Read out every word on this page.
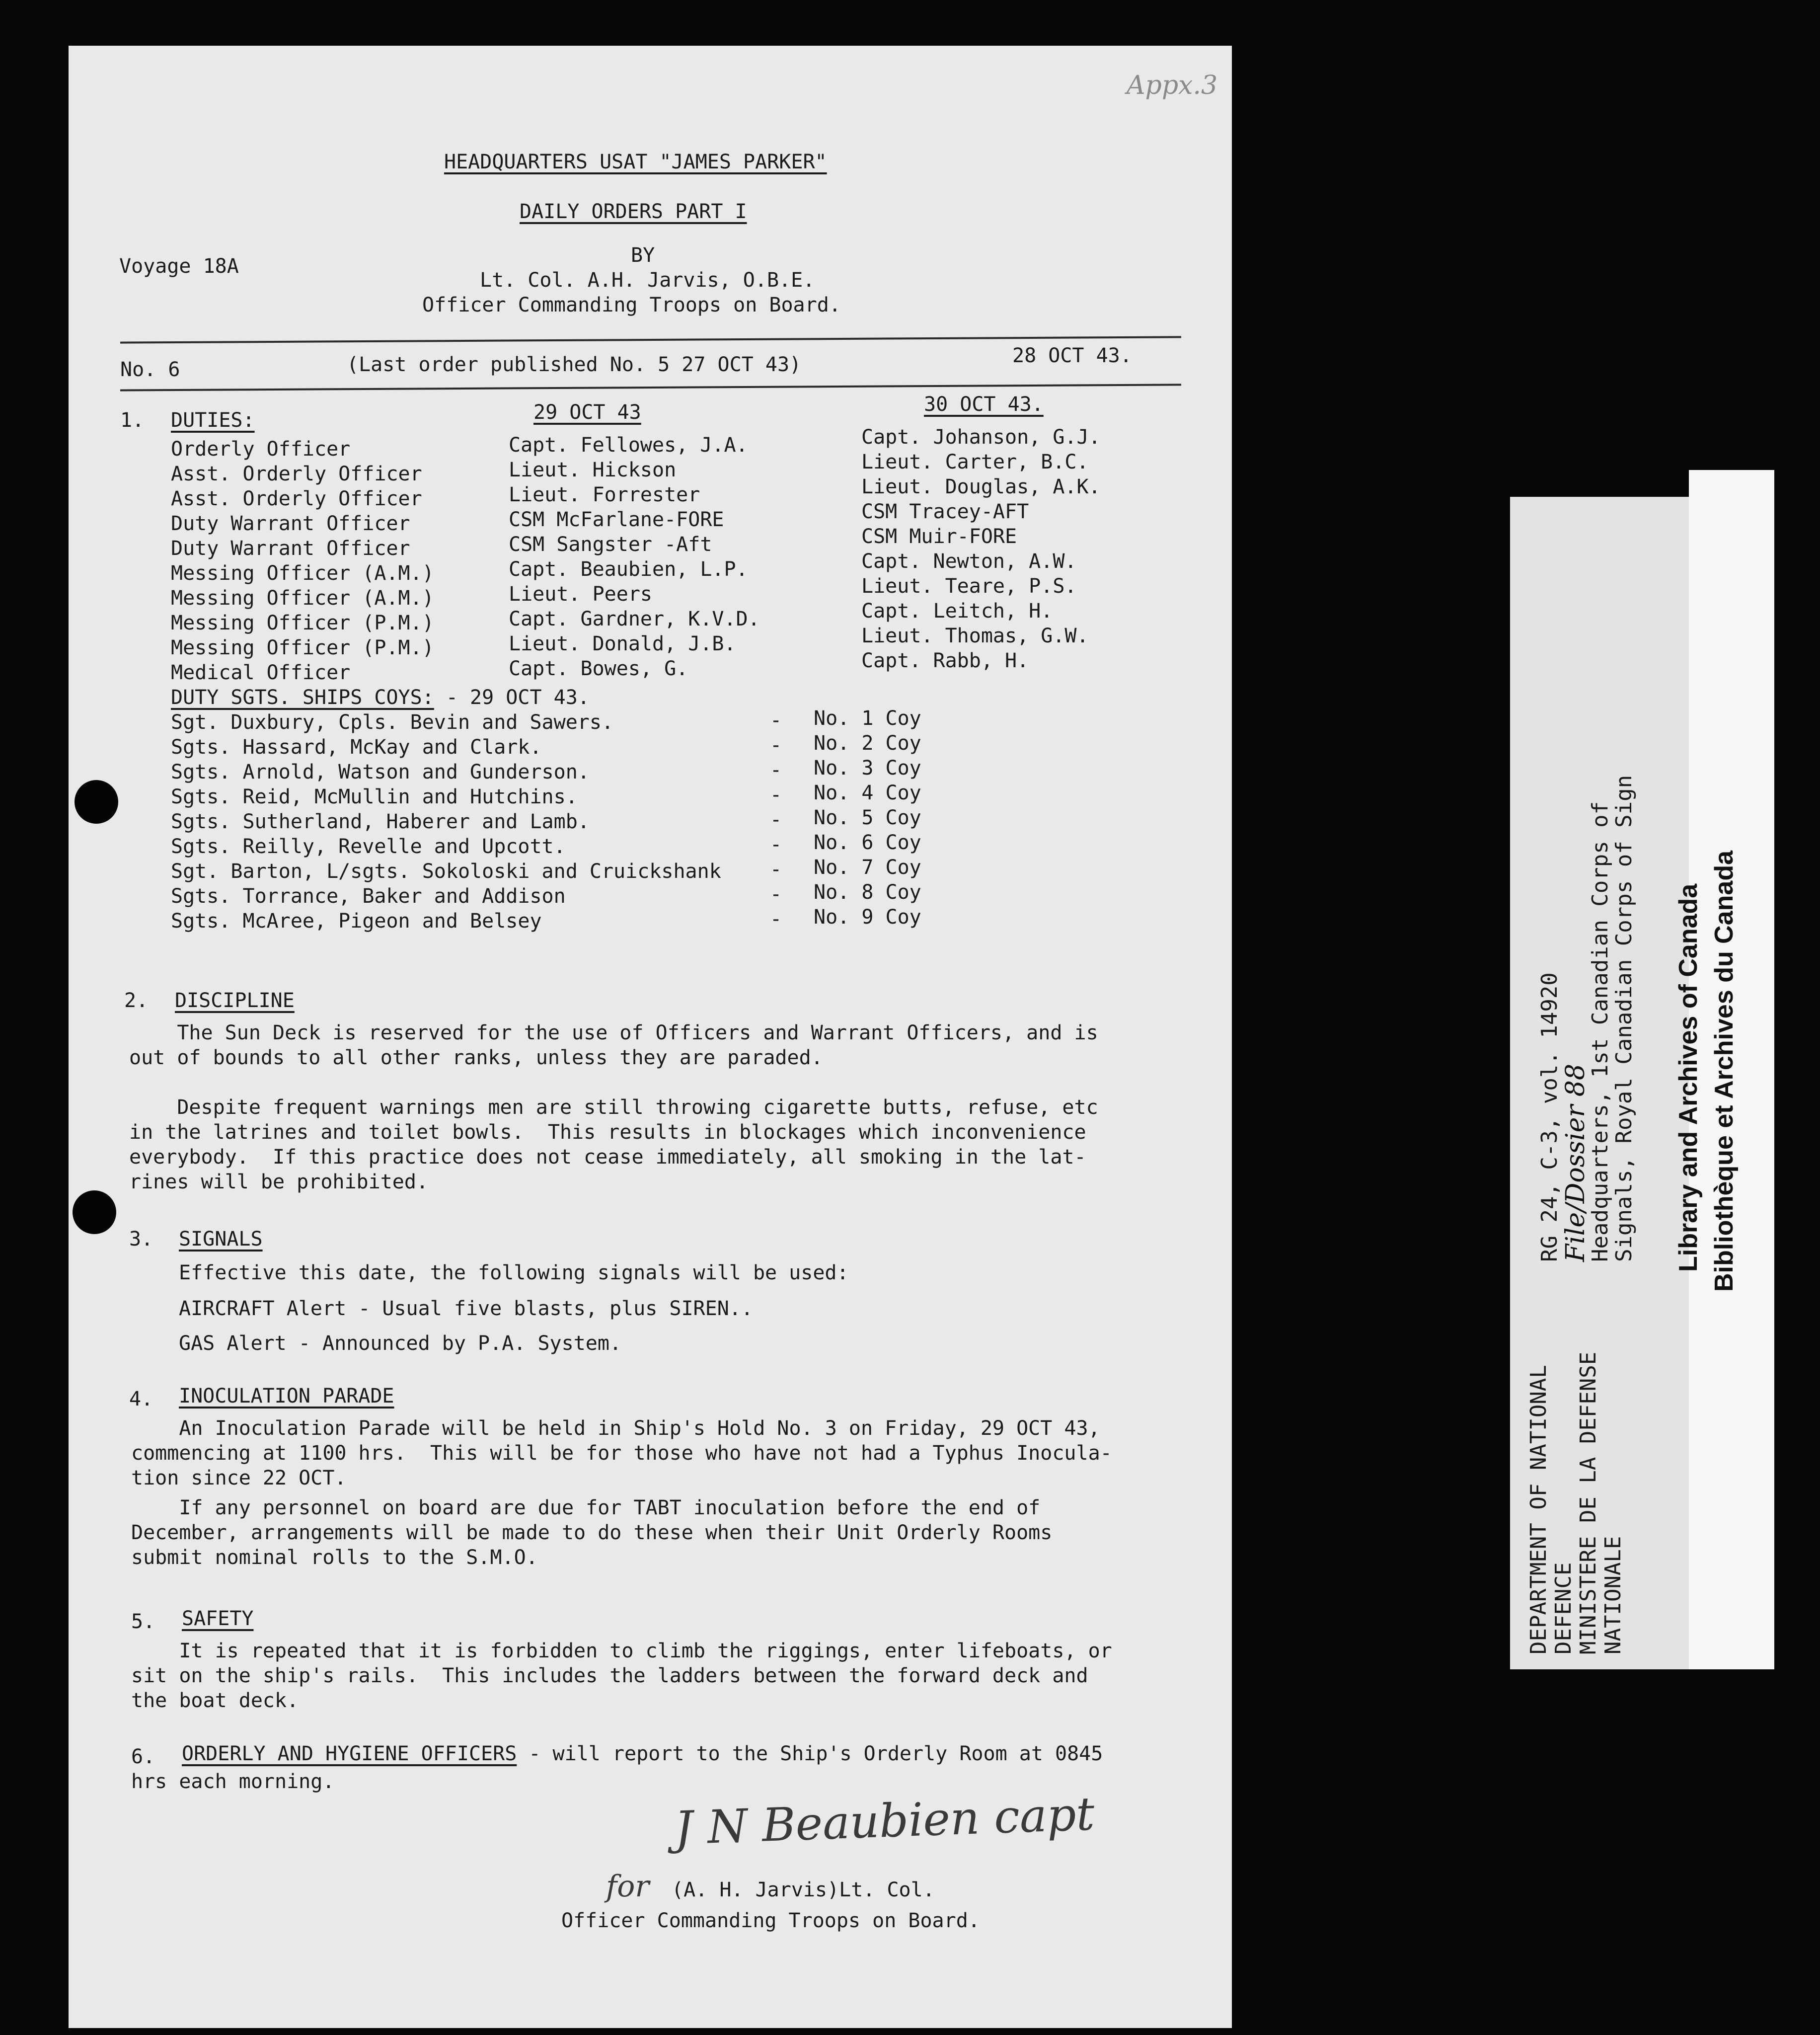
Appx.3
HEADQUARTERS USAT "JAMES PARKER"
DAILY ORDERS PART I
BY
Voyage 18A
Lt. Col. A.H. Jarvis, O.B.E.
Officer Commanding Troops on Board.
No. 6	(Last order published No. 5 27 OCT 43)	28 OCT 43.
1. DUTIES:	29 OCT 43	30 OCT 43.
Orderly Officer	Capt. Fellowes, J.A.	Capt. Johanson, G.J.
Asst. Orderly Officer	Lieut. Hickson	Lieut. Carter, B.C.
Asst. Orderly Officer	Lieut. Forrester	Lieut. Douglas, A.K.
Duty Warrant Officer	CSM McFarlane-FORE	CSM Tracey-AFT
Duty Warrant Officer	CSM Sangster -Aft	CSM Muir-FORE
Messing Officer (A.M.)	Capt. Beaubien, L.P.	Capt. Newton, A.W.
Messing Officer (A.M.)	Lieut. Peers	Lieut. Teare, P.S.
Messing Officer (P.M.)	Capt. Gardner, K.V.D.	Capt. Leitch, H.
Messing Officer (P.M.)	Lieut. Donald, J.B.	Lieut. Thomas, G.W.
Medical Officer	Capt. Bowes, G.	Capt. Rabb, H.
DUTY SGTS. SHIPS COYS: - 29 OCT 43.
Sgt. Duxbury, Cpls. Bevin and Sawers.	- No. 1 Coy
Sgts. Hassard, McKay and Clark.	- No. 2 Coy
Sgts. Arnold, Watson and Gunderson.	- No. 3 Coy
Sgts. Reid, McMullin and Hutchins.	- No. 4 Coy
Sgts. Sutherland, Haberer and Lamb.	- No. 5 Coy
Sgts. Reilly, Revelle and Upcott.	- No. 6 Coy
Sgt. Barton, L/sgts. Sokoloski and Cruickshank - No. 7 Coy
Sgts. Torrance, Baker and Addison	- No. 8 Coy
Sgts. McAree, Pigeon and Belsey	- No. 9 Coy
2. DISCIPLINE
The Sun Deck is reserved for the use of Officers and Warrant Officers, and is
out of bounds to all other ranks, unless they are paraded.
Despite frequent warnings men are still throwing cigarette butts, refuse, etc
in the latrines and toilet bowls.  This results in blockages which inconvenience
everybody.  If this practice does not cease immediately, all smoking in the lat-
rines will be prohibited.
3. SIGNALS
Effective this date, the following signals will be used:
AIRCRAFT Alert - Usual five blasts, plus SIREN..
GAS Alert - Announced by P.A. System.
4. INOCULATION PARADE
An Inoculation Parade will be held in Ship's Hold No. 3 on Friday, 29 OCT 43,
commencing at 1100 hrs.  This will be for those who have not had a Typhus Inocula-
tion since 22 OCT.
If any personnel on board are due for TABT inoculation before the end of
December, arrangements will be made to do these when their Unit Orderly Rooms
submit nominal rolls to the S.M.O.
5. SAFETY
It is repeated that it is forbidden to climb the riggings, enter lifeboats, or
sit on the ship's rails.  This includes the ladders between the forward deck and
the boat deck.
6. ORDERLY AND HYGIENE OFFICERS - will report to the Ship's Orderly Room at 0845
hrs each morning.
J N Beaubien capt
for (A. H. Jarvis)Lt. Col.
Officer Commanding Troops on Board.
RG 24, C-3, vol. 14920
File/Dossier 88
Headquarters, 1st Canadian Corps of
Signals, Royal Canadian Corps of Sign
DEPARTMENT OF NATIONAL DEFENCE MINISTERE DE LA DEFENSE NATIONALE
Library and Archives of Canada Bibliothèque et Archives du Canada
